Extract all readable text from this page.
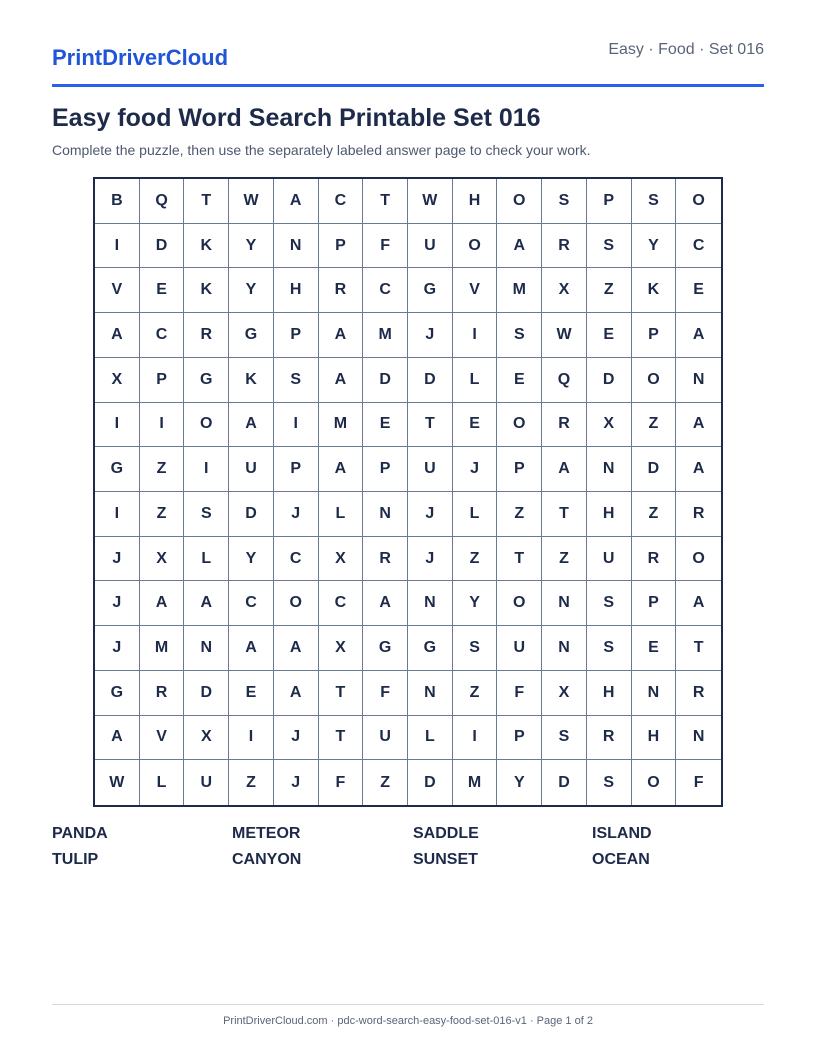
PrintDriverCloud	Easy · Food · Set 016
Easy food Word Search Printable Set 016

Complete the puzzle, then use the separately labeled answer page to check your work.

B	Q	T	W	A	C	T	W	H	O	S	P	S	O
I	D	K	Y	N	P	F	U	O	A	R	S	Y	C
V	E	K	Y	H	R	C	G	V	M	X	Z	K	E
A	C	R	G	P	A	M	J	I	S	W	E	P	A
X	P	G	K	S	A	D	D	L	E	Q	D	O	N
I	I	O	A	I	M	E	T	E	O	R	X	Z	A
G	Z	I	U	P	A	P	U	J	P	A	N	D	A
I	Z	S	D	J	L	N	J	L	Z	T	H	Z	R
J	X	L	Y	C	X	R	J	Z	T	Z	U	R	O
J	A	A	C	O	C	A	N	Y	O	N	S	P	A
J	M	N	A	A	X	G	G	S	U	N	S	E	T
G	R	D	E	A	T	F	N	Z	F	X	H	N	R
A	V	X	I	J	T	U	L	I	P	S	R	H	N
W	L	U	Z	J	F	Z	D	M	Y	D	S	O	F
PANDA	METEOR	SADDLE	ISLAND
TULIP	CANYON	SUNSET	OCEAN
PrintDriverCloud.com · pdc-word-search-easy-food-set-016-v1 · Page 1 of 2
